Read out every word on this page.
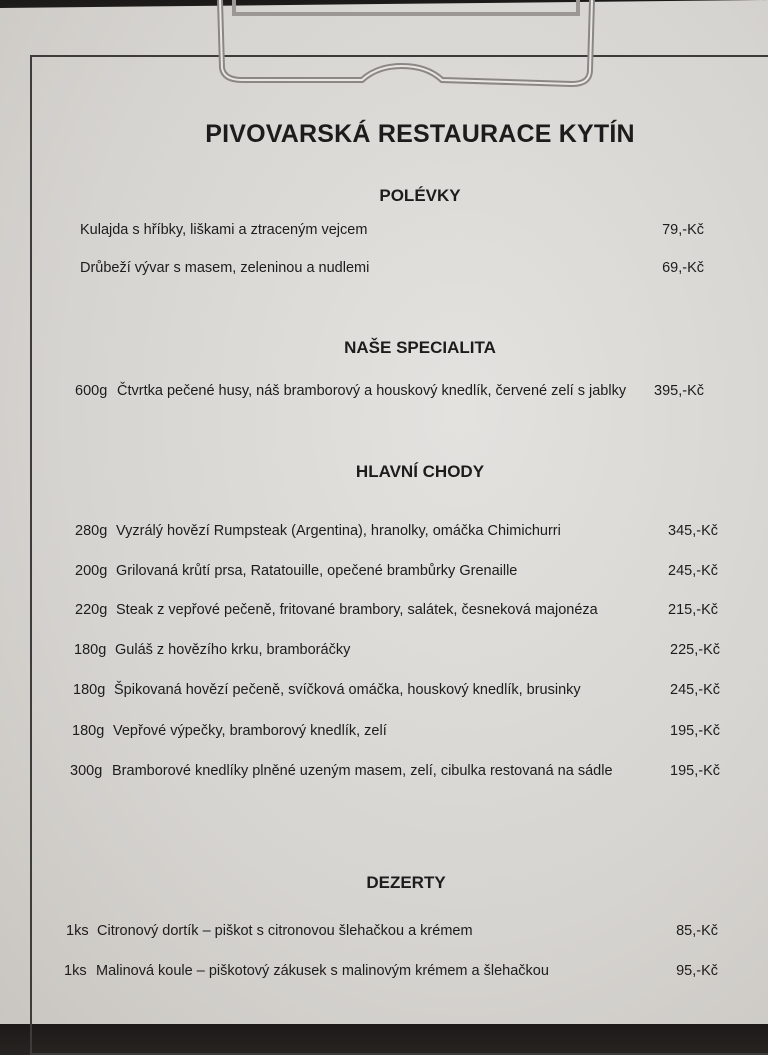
PIVOVARSKÁ RESTAURACE KYTÍN
POLÉVKY
Kulajda s hříbky, liškami a ztraceným vejcem	79,-Kč
Drůbeží vývar s masem, zeleninou a nudlemi	69,-Kč
NAŠE SPECIALITA
600g Čtvrtka pečené husy, náš bramborový a houskový knedlík, červené zelí s jablky 395,-Kč
HLAVNÍ CHODY
280g Vyzrálý hovězí Rumpsteak (Argentina), hranolky, omáčka Chimichurri	345,-Kč
200g Grilovaná krůtí prsa, Ratatouille, opečené brambůrky Grenaille	245,-Kč
220g Steak z vepřové pečeně, fritované brambory, salátek, česneková majonéza	215,-Kč
180g Guláš z hovězího krku, bramboráčky	225,-Kč
180g Špikovaná hovězí pečeně, svíčková omáčka, houskový knedlík, brusinky	245,-Kč
180g Vepřové výpečky, bramborový knedlík, zelí	195,-Kč
300g Bramborové knedlíky plněné uzeným masem, zelí, cibulka restovaná na sádle	195,-Kč
DEZERTY
1ks Citronový dortík – piškot s citronovou šlehačkou a krémem	85,-Kč
1ks Malinová koule – piškotový zákusek s malinovým krémem a šlehačkou	95,-Kč
